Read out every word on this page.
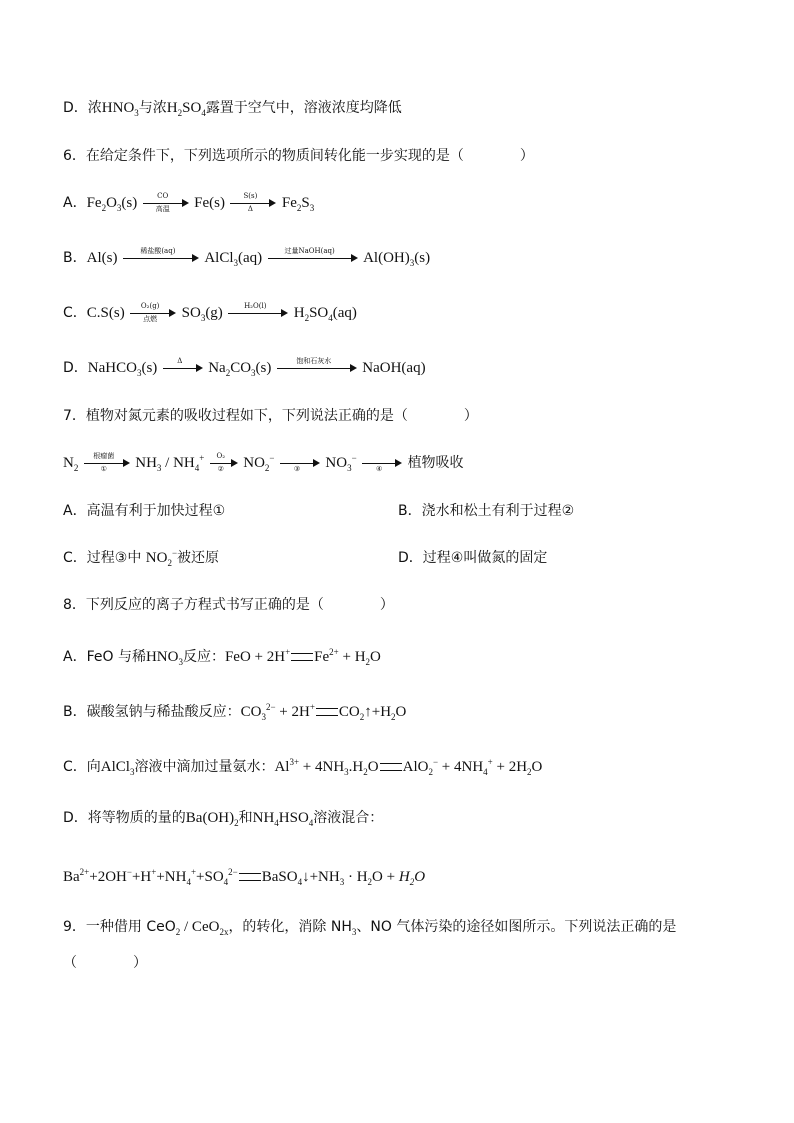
D．浓$HNO_3$与浓$H_2SO_4$露置于空气中，溶液浓度均降低
6．在给定条件下，下列选项所示的物质间转化能一步实现的是（　　　　）
A．$Fe_2O_3(s)$	CO
高温	Fe(s)	S(s)
Δ	$Fe_2S_3$
B．Al(s)	稀盐酸(aq)	AlCl$_3$(aq)	过量NaOH(aq)	$Al(OH)_3(s)$
C．C.S(s)	O₂(g)
点燃	$SO_3(g)$	H₂O(l)	$H_2SO_4(aq)$
D．NaHCO$_3$(s)	Δ	$Na_2CO_3(s)$	饱和石灰水	NaOH(aq)
7．植物对氮元素的吸收过程如下，下列说法正确的是（　　　　）
$N_2$
根瘤菌
①	$NH_3 / NH_4^+$	O₂
②	$NO_2^-$
③	$NO_3^-$
④	植物吸收
A．高温有利于加快过程①	B．浇水和松土有利于过程②
C．过程③中 $NO_2^-$被还原	D．过程④叫做氮的固定
8．下列反应的离子方程式书写正确的是（　　　　）
A．FeO 与稀$HNO_3$反应：FeO + 2H+ $Fe^{2+} + H_2O$
B．碳酸氢钠与稀盐酸反应：$CO_3^{2-} + 2H^+$ $CO_2↑+H_2O$
C．向AlCl$_3$溶液中滴加过量氨水：$Al^{3+} + 4NH_3.H_2O$ $AlO_2^- + 4NH_4^+ + 2H_2O$
D．将等物质的量的$Ba(OH)_2$和$NH_4HSO_4$溶液混合：
$Ba^{2+}+2OH^-+H^++NH_4^++SO_4^{2-}$ $BaSO_4↓+NH_3 \cdot H_2O + H_2O$
9．一种借用 CeO$_2$ / CeO$_{2x}$，的转化，消除 $NH_3$、NO 气体污染的途径如图所示。下列说法正确的是
（　　　　）
